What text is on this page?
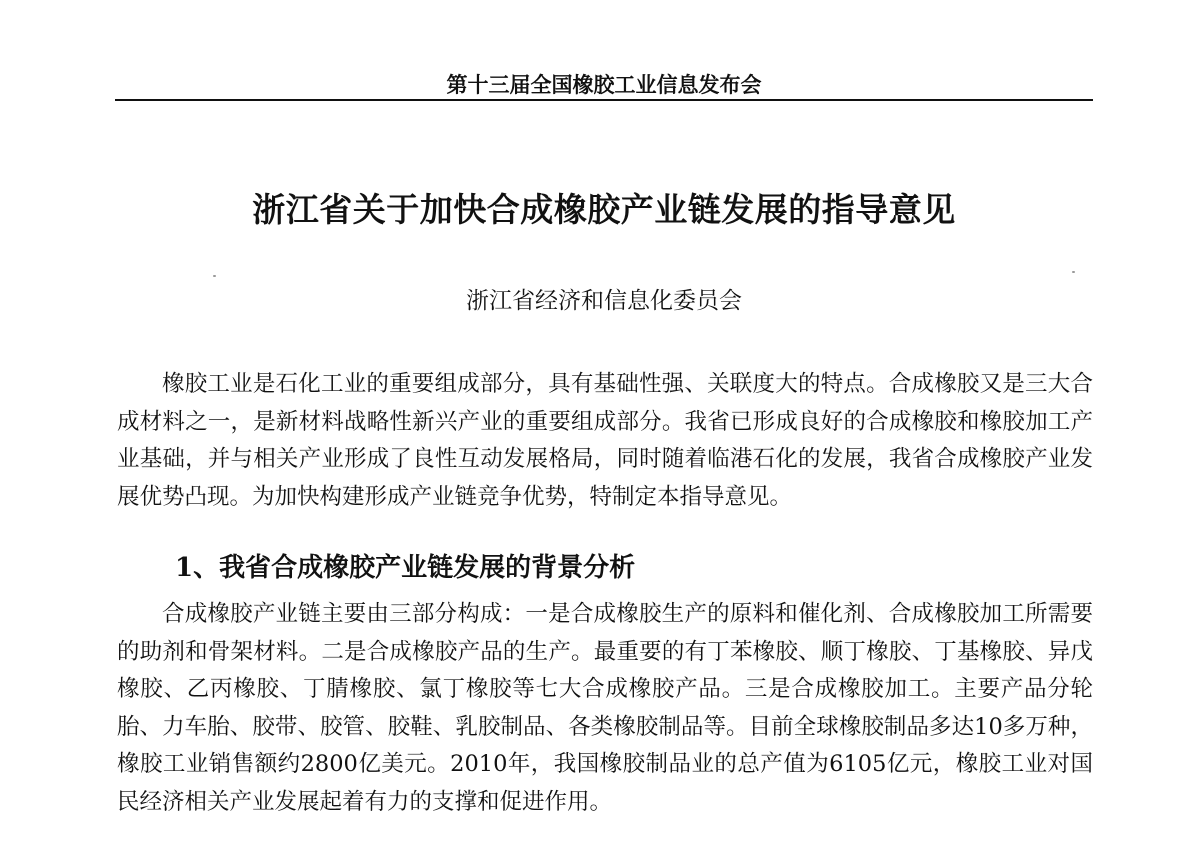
第十三届全国橡胶工业信息发布会
浙江省关于加快合成橡胶产业链发展的指导意见
浙江省经济和信息化委员会

橡胶工业是石化工业的重要组成部分，具有基础性强、关联度大的特点。合成橡胶又是三大合成材料之一，是新材料战略性新兴产业的重要组成部分。我省已形成良好的合成橡胶和橡胶加工产业基础，并与相关产业形成了良性互动发展格局，同时随着临港石化的发展，我省合成橡胶产业发展优势凸现。为加快构建形成产业链竞争优势，特制定本指导意见。

1、我省合成橡胶产业链发展的背景分析

合成橡胶产业链主要由三部分构成：一是合成橡胶生产的原料和催化剂、合成橡胶加工所需要的助剂和骨架材料。二是合成橡胶产品的生产。最重要的有丁苯橡胶、顺丁橡胶、丁基橡胶、异戊橡胶、乙丙橡胶、丁腈橡胶、氯丁橡胶等七大合成橡胶产品。三是合成橡胶加工。主要产品分轮胎、力车胎、胶带、胶管、胶鞋、乳胶制品、各类橡胶制品等。目前全球橡胶制品多达10多万种，橡胶工业销售额约2800亿美元。2010年，我国橡胶制品业的总产值为6105亿元，橡胶工业对国民经济相关产业发展起着有力的支撑和促进作用。
